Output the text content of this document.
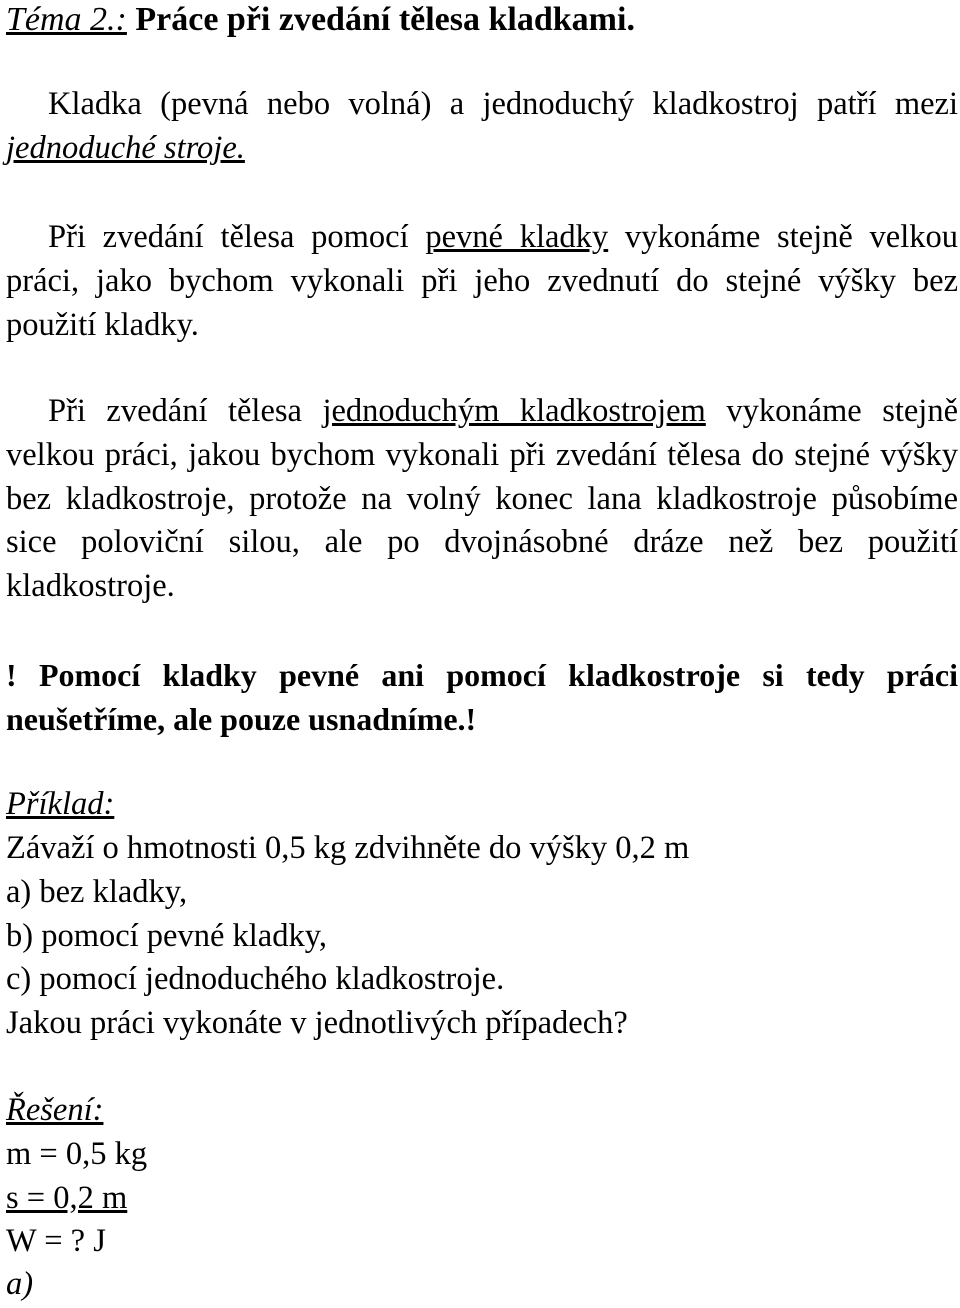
Téma 2.: Práce při zvedání tělesa kladkami.

Kladka (pevná nebo volná) a jednoduchý kladkostroj patří mezi jednoduché stroje.

Při zvedání tělesa pomocí pevné kladky vykonáme stejně velkou práci, jako bychom vykonali při jeho zvednutí do stejné výšky bez použití kladky.

Při zvedání tělesa jednoduchým kladkostrojem vykonáme stejně velkou práci, jakou bychom vykonali při zvedání tělesa do stejné výšky bez kladkostroje, protože na volný konec lana kladkostroje působíme sice poloviční silou, ale po dvojnásobné dráze než bez použití kladkostroje.

! Pomocí kladky pevné ani pomocí kladkostroje si tedy práci neušetříme, ale pouze usnadníme.!

Příklad:
Závaží o hmotnosti 0,5 kg zdvihněte do výšky 0,2 m
a) bez kladky,
b) pomocí pevné kladky,
c) pomocí jednoduchého kladkostroje.
Jakou práci vykonáte v jednotlivých případech?
Řešení:
m = 0,5 kg
s = 0,2 m
W = ? J
a)
